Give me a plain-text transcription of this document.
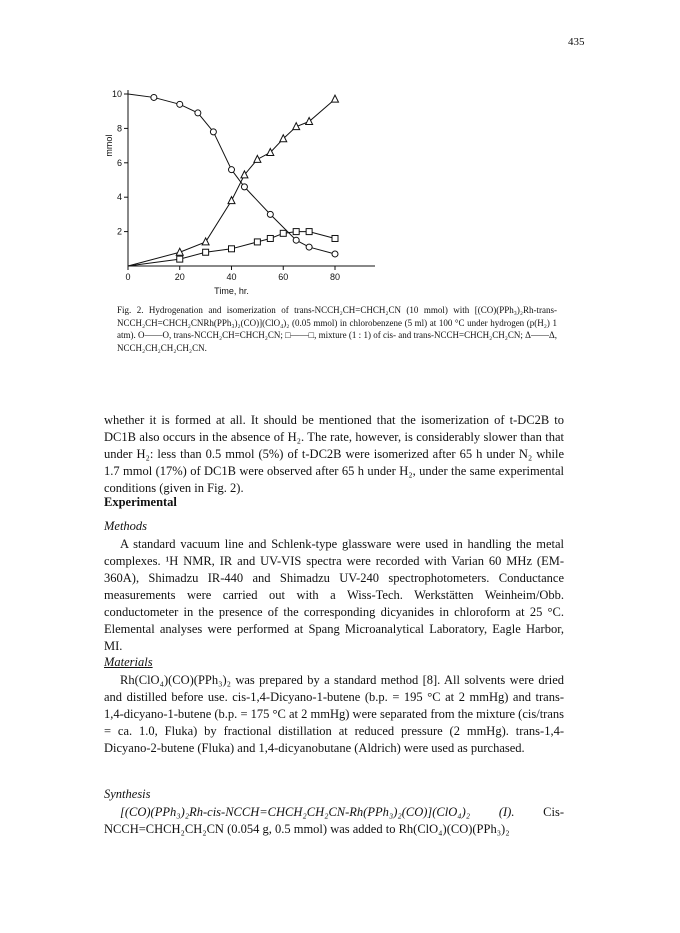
435
0	20	40	60	80
2
4
6
8
10
Time, hr.
mmol
Fig. 2. Hydrogenation and isomerization of trans-NCCH₂CH=CHCH₂CN (10 mmol) with [(CO)(PPh₃)₂Rh-trans-NCCH₂CH=CHCH₂CNRh(PPh₃)₂(CO)](ClO₄)₂ (0.05 mmol) in chlorobenzene (5 ml) at 100 °C under hydrogen (p(H₂) 1 atm). O——O, trans-NCCH₂CH=CHCH₂CN; □——□, mixture (1 : 1) of cis- and trans-NCCH=CHCH₂CH₂CN; Δ——Δ, NCCH₂CH₂CH₂CH₂CN.

whether it is formed at all. It should be mentioned that the isomerization of t-DC2B to DC1B also occurs in the absence of H₂. The rate, however, is considerably slower than that under H₂: less than 0.5 mmol (5%) of t-DC2B were isomerized after 65 h under N₂ while 1.7 mmol (17%) of DC1B were observed after 65 h under H₂, under the same experimental conditions (given in Fig. 2).

Experimental
Methods

A standard vacuum line and Schlenk-type glassware were used in handling the metal complexes. ¹H NMR, IR and UV-VIS spectra were recorded with Varian 60 MHz (EM-360A), Shimadzu IR-440 and Shimadzu UV-240 spectrophotometers. Conductance measurements were carried out with a Wiss-Tech. Werkstätten Weinheim/Obb. conductometer in the presence of the corresponding dicyanides in chloroform at 25 °C. Elemental analyses were performed at Spang Microanalytical Laboratory, Eagle Harbor, MI.

Materials

Rh(ClO₄)(CO)(PPh₃)₂ was prepared by a standard method [8]. All solvents were dried and distilled before use. cis-1,4-Dicyano-1-butene (b.p. = 195 °C at 2 mmHg) and trans-1,4-dicyano-1-butene (b.p. = 175 °C at 2 mmHg) were separated from the mixture (cis/trans = ca. 1.0, Fluka) by fractional distillation at reduced pressure (2 mmHg). trans-1,4-Dicyano-2-butene (Fluka) and 1,4-dicyanobutane (Aldrich) were used as purchased.

Synthesis

[(CO)(PPh₃)₂Rh-cis-NCCH=CHCH₂CH₂CN-Rh(PPh₃)₂(CO)](ClO₄)₂ (I). Cis-NCCH=CHCH₂CH₂CN (0.054 g, 0.5 mmol) was added to Rh(ClO₄)(CO)(PPh₃)₂
